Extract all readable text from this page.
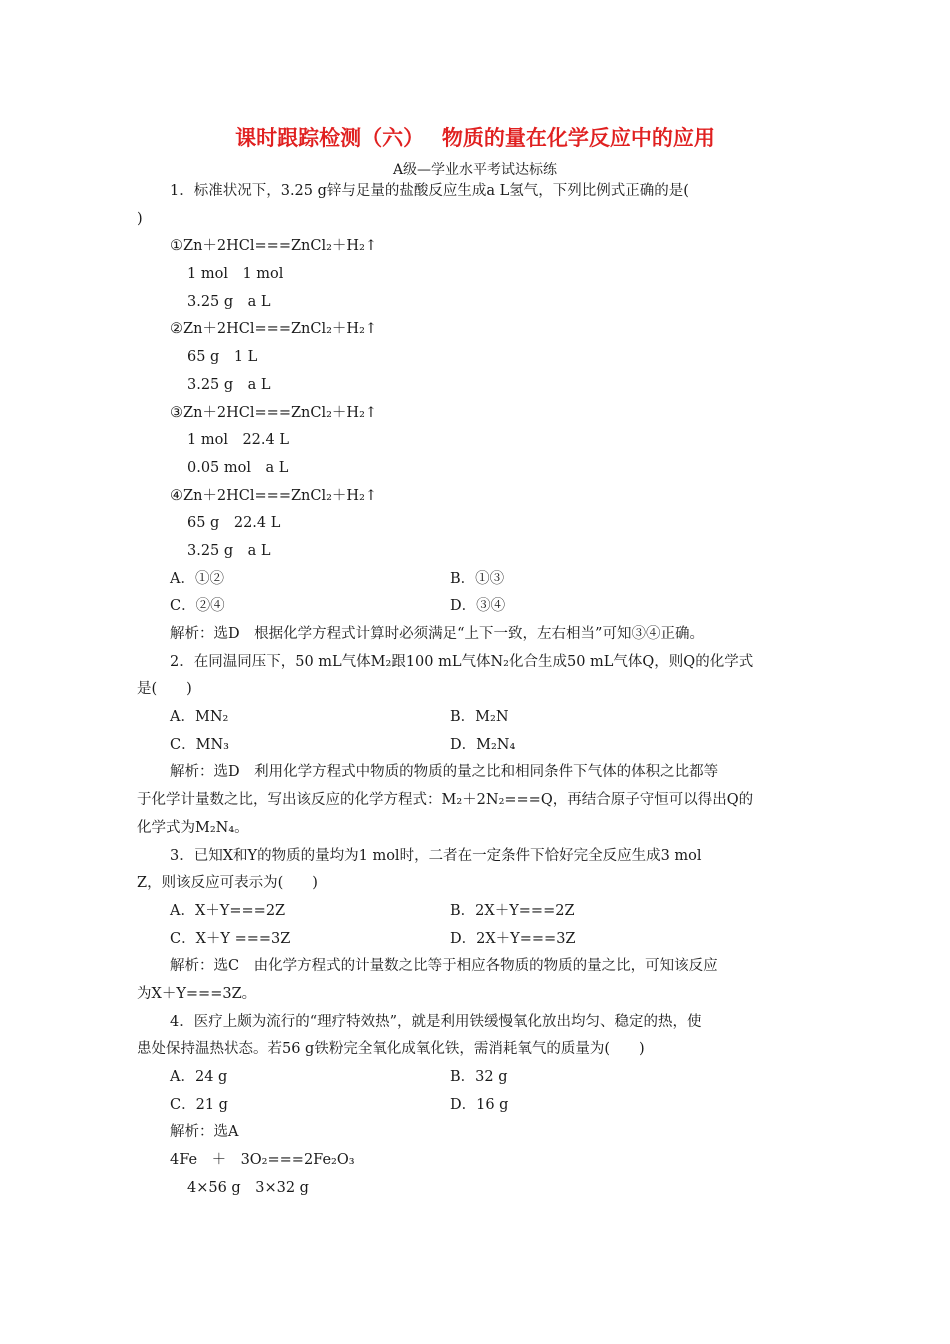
课时跟踪检测（六）　 物质的量在化学反应中的应用
A级—学业水平考试达标练
1．标准状况下，3.25 g锌与足量的盐酸反应生成a L氢气，下列比例式正确的是(
)
①Zn＋2HCl===ZnCl₂＋H₂↑
1 mol　1 mol
3.25 g　a L
②Zn＋2HCl===ZnCl₂＋H₂↑
65 g　1 L
3.25 g　a L
③Zn＋2HCl===ZnCl₂＋H₂↑
1 mol　22.4 L
0.05 mol　a L
④Zn＋2HCl===ZnCl₂＋H₂↑
65 g　22.4 L
3.25 g　a L
A．①②	B．①③
C．②④	D．③④
解析：选D　根据化学方程式计算时必须满足“上下一致，左右相当”可知③④正确。
2．在同温同压下，50 mL气体M₂跟100 mL气体N₂化合生成50 mL气体Q，则Q的化学式
是(　　)
A．MN₂	B．M₂N
C．MN₃	D．M₂N₄
解析：选D　利用化学方程式中物质的物质的量之比和相同条件下气体的体积之比都等
于化学计量数之比，写出该反应的化学方程式：M₂＋2N₂===Q，再结合原子守恒可以得出Q的
化学式为M₂N₄。
3．已知X和Y的物质的量均为1 mol时，二者在一定条件下恰好完全反应生成3 mol
Z，则该反应可表示为(　　)
A．X＋Y===2Z	B．2X＋Y===2Z
C．X＋Y ===3Z	D．2X＋Y===3Z
解析：选C　由化学方程式的计量数之比等于相应各物质的物质的量之比，可知该反应
为X＋Y===3Z。
4．医疗上颇为流行的“理疗特效热”，就是利用铁缓慢氧化放出均匀、稳定的热，使
患处保持温热状态。若56 g铁粉完全氧化成氧化铁，需消耗氧气的质量为(　　)
A．24 g	B．32 g
C．21 g	D．16 g
解析：选A
4Fe　＋　3O₂===2Fe₂O₃
4×56 g　3×32 g
